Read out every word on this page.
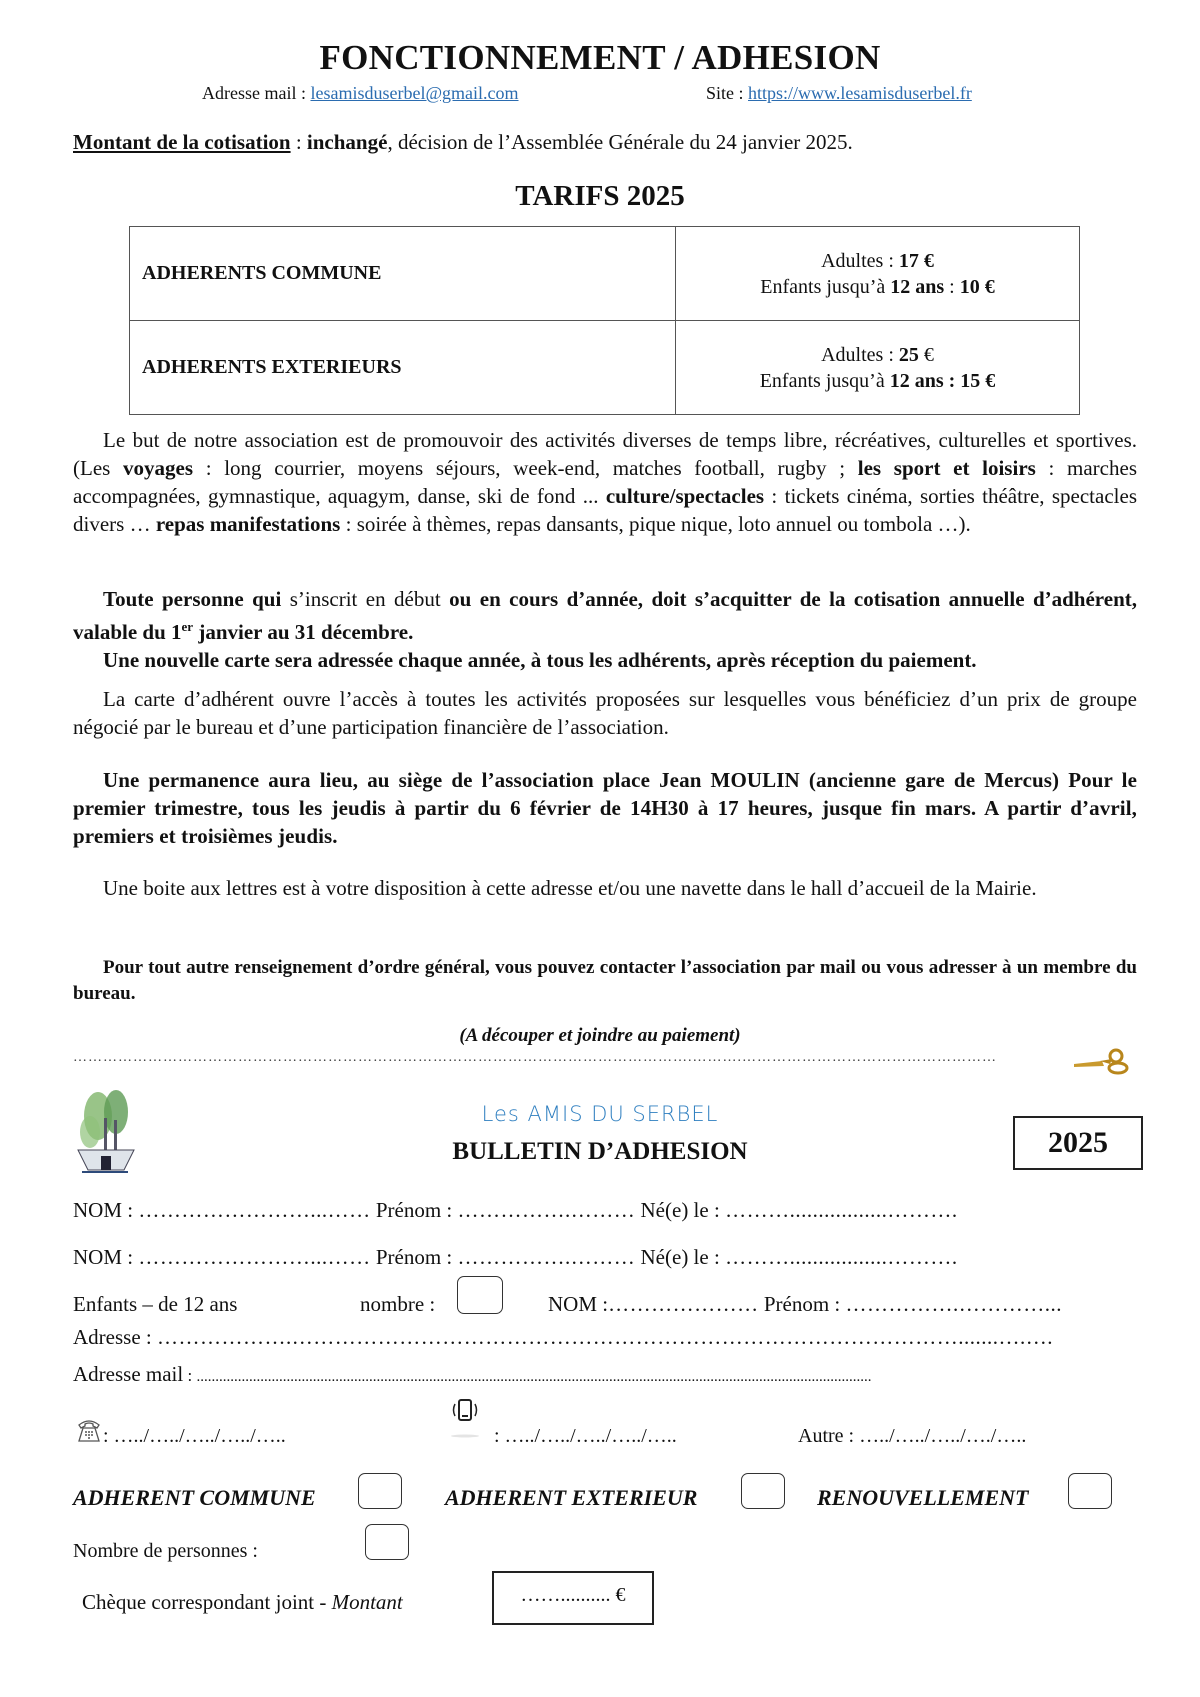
FONCTIONNEMENT / ADHESION
Adresse mail : lesamisduserbel@gmail.com	Site : https://www.lesamisduserbel.fr
Montant de la cotisation : inchangé, décision de l’Assemblée Générale du 24 janvier 2025.
TARIFS 2025
ADHERENTS COMMUNE	Adultes : 17 €
Enfants jusqu’à 12 ans : 10 €

ADHERENTS EXTERIEURS	Adultes : 25 €
Enfants jusqu’à 12 ans : 15 €
Le but de notre association est de promouvoir des activités diverses de temps libre, récréatives, culturelles et sportives. (Les voyages : long courrier, moyens séjours, week-end, matches football, rugby ; les sport et loisirs : marches accompagnées, gymnastique, aquagym, danse, ski de fond ... culture/spectacles : tickets cinéma, sorties théâtre, spectacles divers … repas manifestations : soirée à thèmes, repas dansants, pique nique, loto annuel ou tombola …).
Toute personne qui s’inscrit en début ou en cours d’année, doit s’acquitter de la cotisation annuelle d’adhérent, valable du 1er janvier au 31 décembre.
Une nouvelle carte sera adressée chaque année, à tous les adhérents, après réception du paiement.
La carte d’adhérent ouvre l’accès à toutes les activités proposées sur lesquelles vous bénéficiez d’un prix de groupe négocié par le bureau et d’une participation financière de l’association.
Une permanence aura lieu, au siège de l’association place Jean MOULIN (ancienne gare de Mercus) Pour le premier trimestre, tous les jeudis à partir du 6 février de 14H30 à 17 heures, jusque fin mars. A partir d’avril, premiers et troisièmes jeudis.
Une boite aux lettres est à votre disposition à cette adresse et/ou une navette dans le hall d’accueil de la Mairie.
Pour tout autre renseignement d’ordre général, vous pouvez contacter l’association par mail ou vous adresser à un membre du bureau.
(A découper et joindre au paiement)
…………………………………………………………………………………………………………….……….……………………………………………
Les AMIS DU SERBEL
BULLETIN D’ADHESION	2025
NOM : ……………………...…… Prénom : …………….……… Né(e) le : ……….................……….
NOM : ……………………...…… Prénom : …………….……… Né(e) le : ……….................……….
Enfants – de 12 ans	nombre :	NOM :………………… Prénom : …………….…………...
Adresse : ……………….………………………………………………………………………………….......….….
Adresse mail : ....................................................................................................................................................................................
: …../…../…../…../…..	: …../…../…../…../…..	Autre : …../…../…../…./…..
ADHERENT COMMUNE	ADHERENT EXTERIEUR	RENOUVELLEMENT
Nombre de personnes :
Chèque correspondant joint - Montant	…….......... €
